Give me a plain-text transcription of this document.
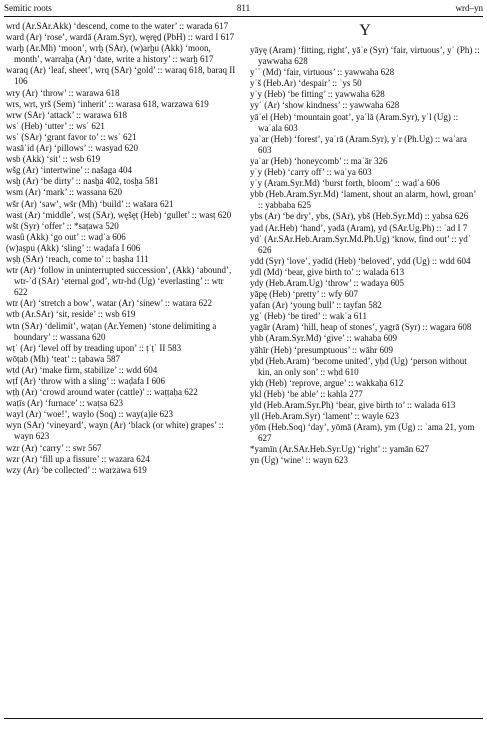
Semitic roots	811	wrd–yn

wrd (Ar.SAr.Akk) ‘descend, come to the water’ :: warada 617

ward (Ar) ‘rose’, wardā (Aram.Syr), węręḏ (PbH) :: ward I 617

warḫ (Ar.Mh) ‘moon’, wrḫ (SAr), (w)arḫu (Akk) ‘moon, month’, warraḫa (Ar) ‘date, write a history’ :: warḫ 617

waraq (Ar) ‘leaf, sheet’, wrq (SAr) ‘gold’ :: waraq 618, baraq II 106

wry (Ar) ‘throw’ :: warawa 618

wrs, wrt, yrš (Sem) ‘inherit’ :: warasa 618, warzawa 619

wrw (SAr) ‘attack’ :: warawa 618

wsʾ (Heb) ‘utter’ :: wsʾ 621

wsʾ (SAr) ‘grant favor to’ :: wsʾ 621

wasāʾid (Ar) ‘pillows’ :: wasyad 620

wsb (Akk) ‘sit’ :: wsb 619

wšg (Ar) ‘intertwine’ :: našaga 404

wsḫ (Ar) ‘be dirty’ :: nasḫa 402, tosḫa 581

wsm (Ar) ‘mark’ :: wassana 620

wšr (Ar) ‘saw’, wšr (Mh) ‘build’ :: wašara 621

wast (Ar) ‘middle’, wsṭ (SAr), węšęṭ (Heb) ‘gullet’ :: wasṭ 620

wšt (Syr) ‘offer’ :: *saṭawa 520

wasû (Akk) ‘go out’ :: waḍʾa 606

(w)aṣpu (Akk) ‘sling’ :: waḍafa I 606

wṣḥ (SAr) ‘reach, come to’ :: baṣha 111

wtr (Ar) ‘follow in uninterrupted succession’, (Akk) ‘abound’, wtr-ʾd (SAr) ‘eternal god’, wtr-hd (Ug) ‘everlasting’ :: wtr 622

wtr (Ar) ‘stretch a bow’, watar (Ar) ‘sinew’ :: watara 622

wtb (Ar.SAr) ‘sit, reside’ :: wsb 619

wtn (SAr) ‘delimit’, waṭan (Ar.Yemen) ‘stone delimiting a boundary’ :: wassana 620

wṭʾ (Ar) ‘level off by treading upon’ :: ṭʾṭʾ II 583

wōṭab (Mh) ‘teat’ :: ṭabawa 587

wṭd (Ar) ‘make firm, stabilize’ :: wdd 604

wṭf (Ar) ‘throw with a sling’ :: waḍafa I 606

wṭḥ (Ar) ‘crowd around water (cattle)’ :: waṭṭaḥa 622

waṭīs (Ar) ‘furnace’ :: waṭsa 623

wayl (Ar) ‘woe!’, waylo (Soq) :: way(a)le 623

wyn (SAr) ‘vineyard’, wayn (Ar) ‘black (or white) grapes’ :: wayn 623

wzr (Ar) ‘carry’ :: swr 567

wzr (Ar) ‘fill up a fissure’ :: wazara 624

wzy (Ar) ‘be collected’ :: warzawa 619

Y

yāyę (Aram) ‘fitting, right’, yāʾe (Syr) ‘fair, virtuous’, yʾ (Ph) :: yawwaha 628

yʾʾ (Md) ‘fair, virtuous’ :: yawwaha 628

yʾš (Heb.Ar) ‘despair’ :: ʾys 50

yʾy (Heb) ‘be fitting’ :: yawwaha 628

yyʾ (Ar) ‘show kindness’ :: yawwaha 628

yāʾel (Heb) ‘mountain goat’, yaʿlā (Aram.Syr), yʿl (Ug) :: waʿala 603

yaʿar (Heb) ‘forest’, yaʿrā (Aram.Syr), yʿr (Ph.Ug) :: waʿara 603

yaʿar (Heb) ‘honeycomb’ :: maʿār 326

yʿy (Heb) ‘carry off’ :: waʿya 603

yʿy (Aram.Syr.Md) ‘burst forth, bloom’ :: waḍʿa 606

ybb (Heb.Aram.Syr.Md) ‘lament, shout an alarm, howl, groan’ :: yabbaba 625

ybs (Ar) ‘be dry’, ybs, (SAr), ybš (Heb.Syr.Md) :: yabsa 626

yad (Ar.Heb) ‘hand’, yәdā (Aram), yd (SAr.Ug.Ph) :: ʾad I 7

ydʿ (Ar.SAr.Heb.Aram.Syr.Md.Ph.Ug) ‘know, find out’ :: ydʿ 626

ydd (Syr) ‘love’, yәdīd (Heb) ‘beloved’, ydd (Ug) :: wdd 604

ydl (Md) ‘bear, give birth to’ :: walada 613

ydy (Heb.Aram.Ug) ‘throw’ :: wadaya 605

yāpę (Heb) ‘pretty’ :: wfy 607

yafan (Ar) ‘young bull’ :: tayfan 582

ygʿ (Heb) ‘be tired’ :: wakʿa 611

yәgār (Aram) ‘hill, heap of stones’, yagrā (Syr) :: wagara 608

yhb (Aram.Syr.Md) ‘give’ :: wahaba 609

yāhīr (Heb) ‘presumptuous’ :: wāhr 609

yḥd (Heb.Aram) ‘become united’, yḥd (Ug) ‘person without kin, an only son’ :: wḥd 610

ykḥ (Heb) ‘reprove, argue’ :: wakkaḥa 612

ykl (Heb) ‘be able’ :: kәhla 277

yld (Heb.Aram.Syr.Ph) ‘bear, give birth to’ :: walada 613

yll (Heb.Aram.Syr) ‘lament’ :: wayle 623

yōm (Heb.Soq) ‘day’, yōmā (Aram), ym (Ug) :: ʾama 21, yom 627

*yamīn (Ar.SAr.Heb.Syr.Ug) ‘right’ :: yamān 627

yn (Ug) ‘wine’ :: wayn 623
